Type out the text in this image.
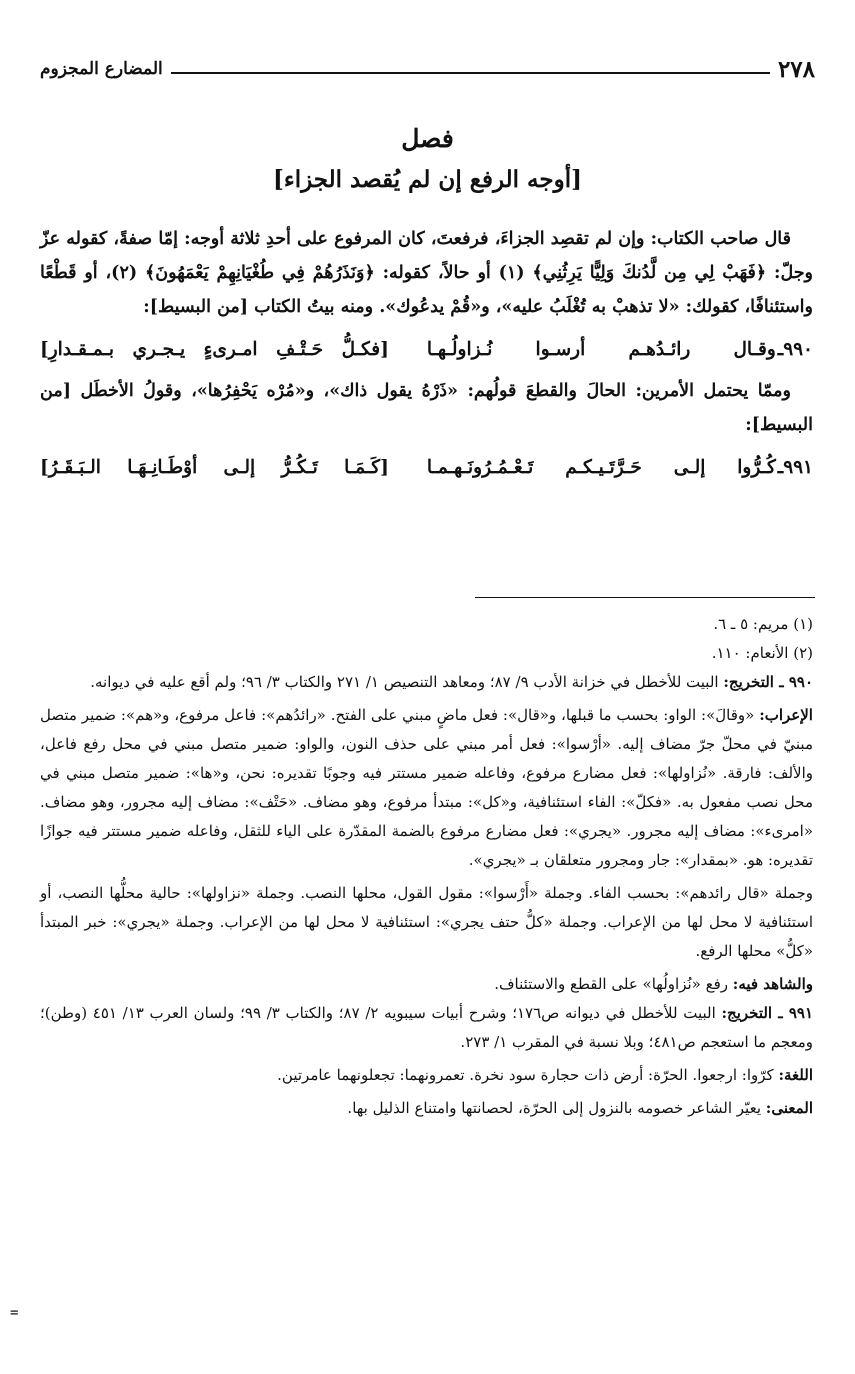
٢٧٨
المضارع المجزوم
فصل
[أوجه الرفع إن لم يُقصد الجزاء]

قال صاحب الكتاب: وإن لم تقصِد الجزاءَ، فرفعتَ، كان المرفوع على أحدِ ثلاثة أوجه: إمّا صفةً، كقوله عزّ وجلّ: ﴿فَهَبْ لِي مِن لَّدُنكَ وَلِيًّا يَرِثُنِي﴾ (١) أو حالاً، كقوله: ﴿وَنَذَرُهُمْ فِي طُغْيَانِهِمْ يَعْمَهُونَ﴾ (٢)، أو قَطْعًا واستئنافًا، كقولك: «لا تذهبْ به تُغْلَبُ عليه»، و«قُمْ يدعُوك». ومنه بيتُ الكتاب [من البسيط]:

٩٩٠ـ
وقـال رائـدُهـم أرسـوا نُـزاولُـهـا
[فكـلُّ حَـتْـفِ امـرىءٍ يـجـري بـمـقـدارِ]

وممّا يحتمل الأمرين: الحالَ والقطعَ قولُهم: «ذَرْهُ يقول ذاك»، و«مُرْه يَحْفِرُها»، وقولُ الأخطَل [من البسيط]:

٩٩١ـ
كُـرُّوا إلـى حَـرَّتَـيـكـم تَـعْـمُـرُونَـهـمـا
[كَـمَـا تَـكُـرُّ إلـى أوْطَـانِـهَـا الـبَـقَـرُ]

(١) مريم: ٥ ـ ٦.

(٢) الأنعام: ١١٠.

٩٩٠ ـ التخريج: البيت للأخطل في خزانة الأدب ٩/ ٨٧؛ ومعاهد التنصيص ١/ ٢٧١ والكتاب ٣/ ٩٦؛ ولم أقع عليه في ديوانه.

الإعراب: «وقالَ»: الواو: بحسب ما قبلها، و«قال»: فعل ماضٍ مبني على الفتح. «رائدُهم»: فاعل مرفوع، و«هم»: ضمير متصل مبنيّ في محلّ جرّ مضاف إليه. «أرْسوا»: فعل أمر مبني على حذف النون، والواو: ضمير متصل مبني في محل رفع فاعل، والألف: فارقة. «نُزاولها»: فعل مضارع مرفوع، وفاعله ضمير مستتر فيه وجوبًا تقديره: نحن، و«ها»: ضمير متصل مبني في محل نصب مفعول به. «فكلّ»: الفاء استئنافية، و«كل»: مبتدأ مرفوع، وهو مضاف. «حَتْف»: مضاف إليه مجرور، وهو مضاف. «امرىء»: مضاف إليه مجرور. «يجري»: فعل مضارع مرفوع بالضمة المقدّرة على الياء للثقل، وفاعله ضمير مستتر فيه جوازًا تقديره: هو. «بمقدار»: جار ومجرور متعلقان بـ «يجري».

وجملة «قال رائدهم»: بحسب الفاء. وجملة «أَرْسوا»: مقول القول، محلها النصب. وجملة «نزاولها»: حالية محلُّها النصب، أو استئنافية لا محل لها من الإعراب. وجملة «كلُّ حتف يجري»: استئنافية لا محل لها من الإعراب. وجملة «يجري»: خبر المبتدأ «كلُّ» محلها الرفع.

والشاهد فيه: رفع «نُزاولُها» على القطع والاستئناف.

٩٩١ ـ التخريج: البيت للأخطل في ديوانه ص١٧٦؛ وشرح أبيات سيبويه ٢/ ٨٧؛ والكتاب ٣/ ٩٩؛ ولسان العرب ١٣/ ٤٥١ (وطن)؛ ومعجم ما استعجم ص٤٨١؛ وبلا نسبة في المقرب ١/ ٢٧٣.

اللغة: كرّوا: ارجعوا. الحرّة: أرض ذات حجارة سود نخرة. تعمرونهما: تجعلونهما عامرتين.

المعنى: يعيّر الشاعر خصومه بالنزول إلى الحرّة، لحصانتها وامتناع الذليل بها.

=
